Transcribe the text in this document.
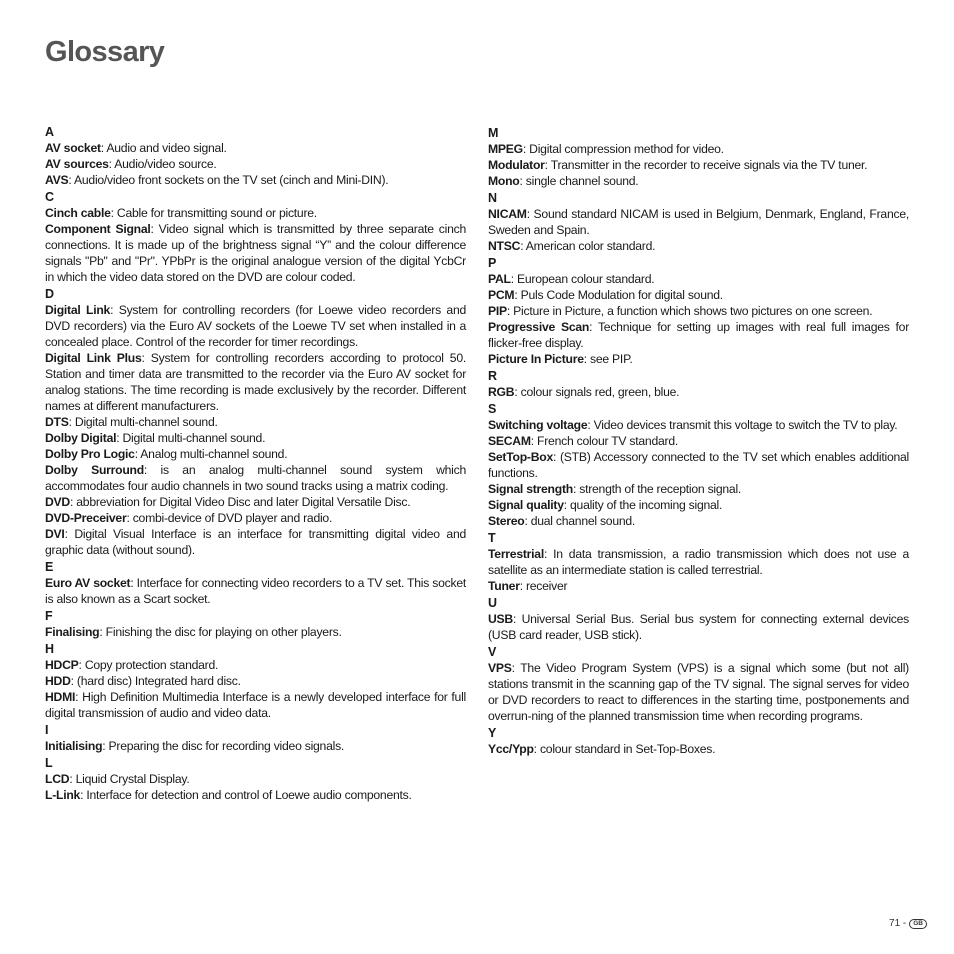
Glossary

A

AV socket: Audio and video signal.

AV sources: Audio/video source.

AVS: Audio/video front sockets on the TV set (cinch and Mini-DIN).

C

Cinch cable: Cable for transmitting sound or picture.

Component Signal: Video signal which is transmitted by three separate cinch connections. It is made up of the brightness signal “Y” and the colour difference signals "Pb" and "Pr". YPbPr is the original analogue version of the digital YcbCr in which the video data stored on the DVD are colour coded.

D

Digital Link: System for controlling recorders (for Loewe video recorders and DVD recorders) via the Euro AV sockets of the Loewe TV set when installed in a concealed place. Control of the recorder for timer recordings.

Digital Link Plus: System for controlling recorders according to protocol 50. Station and timer data are transmitted to the recorder via the Euro AV socket for analog stations. The time recording is made exclusively by the recorder. Different names at different manufacturers.

DTS: Digital multi-channel sound.

Dolby Digital: Digital multi-channel sound.

Dolby Pro Logic: Analog multi-channel sound.

Dolby Surround: is an analog multi-channel sound system which accommodates four audio channels in two sound tracks using a matrix coding.

DVD: abbreviation for Digital Video Disc and later Digital Versatile Disc.

DVD-Preceiver: combi-device of DVD player and radio.

DVI: Digital Visual Interface is an interface for transmitting digital video and graphic data (without sound).

E

Euro AV socket: Interface for connecting video recorders to a TV set. This socket is also known as a Scart socket.

F

Finalising: Finishing the disc for playing on other players.

H

HDCP: Copy protection standard.

HDD: (hard disc) Integrated hard disc.

HDMI: High Definition Multimedia Interface is a newly developed interface for full digital transmission of audio and video data.

I

Initialising: Preparing the disc for recording video signals.

L

LCD: Liquid Crystal Display.

L-Link: Interface for detection and control of Loewe audio components.

M

MPEG: Digital compression method for video.

Modulator: Transmitter in the recorder to receive signals via the TV tuner.

Mono: single channel sound.

N

NICAM: Sound standard NICAM is used in Belgium, Denmark, England, France, Sweden and Spain.

NTSC: American color standard.

P

PAL: European colour standard.

PCM: Puls Code Modulation for digital sound.

PIP: Picture in Picture, a function which shows two pictures on one screen.

Progressive Scan: Technique for setting up images with real full images for flicker-free display.

Picture In Picture: see PIP.

R

RGB: colour signals red, green, blue.

S

Switching voltage: Video devices transmit this voltage to switch the TV to play.

SECAM: French colour TV standard.

SetTop-Box: (STB) Accessory connected to the TV set which enables additional functions.

Signal strength: strength of the reception signal.

Signal quality: quality of the incoming signal.

Stereo: dual channel sound.

T

Terrestrial: In data transmission, a radio transmission which does not use a satellite as an intermediate station is called terrestrial.

Tuner: receiver

U

USB: Universal Serial Bus. Serial bus system for connecting external devices (USB card reader, USB stick).

V

VPS: The Video Program System (VPS) is a signal which some (but not all) stations transmit in the scanning gap of the TV signal. The signal serves for video or DVD recorders to react to differences in the starting time, postponements and overrun-ning of the planned transmission time when recording programs.

Y

Ycc/Ypp: colour standard in Set-Top-Boxes.

71 -	GB
